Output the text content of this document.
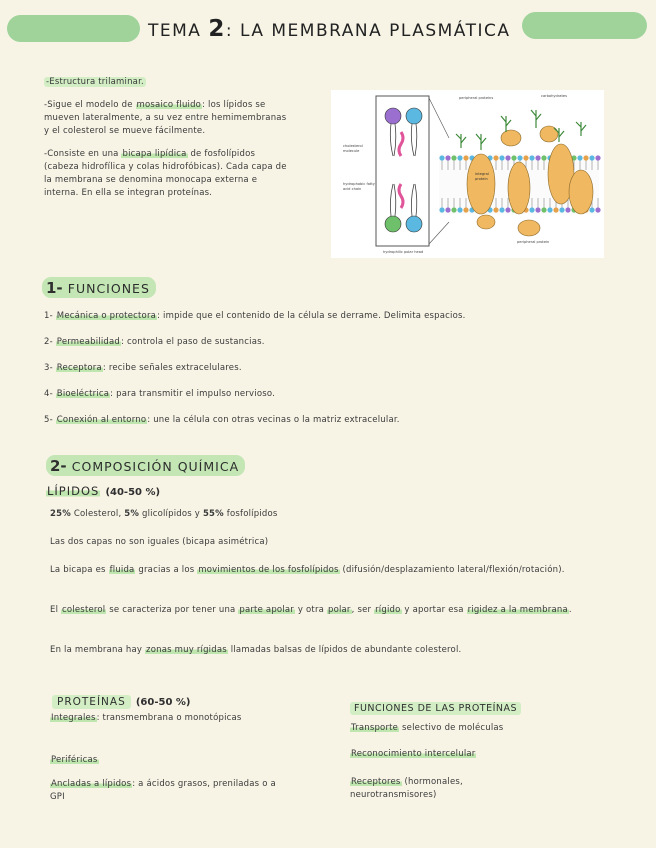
TEMA 2: LA MEMBRANA PLASMÁTICA
-Estructura trilaminar.
-Sigue el modelo de mosaico fluido: los lípidos se mueven lateralmente, a su vez entre hemimembranas y el colesterol se mueve fácilmente.
-Consiste en una bicapa lipídica de fosfolípidos (cabeza hidrofílica y colas hidrofóbicas). Cada capa de la membrana se denomina monocapa externa e interna. En ella se integran proteínas.
cholesterol molecule
hydrophobic fatty acid chain
peripheral proteins	carbohydrates
integral protein
hydrophilic polar head
peripheral protein
1- FUNCIONES
1- Mecánica o protectora: impide que el contenido de la célula se derrame. Delimita espacios.
2- Permeabilidad: controla el paso de sustancias.
3- Receptora: recibe señales extracelulares.
4- Bioeléctrica: para transmitir el impulso nervioso.
5- Conexión al entorno: une la célula con otras vecinas o la matriz extracelular.
2- COMPOSICIÓN QUÍMICA
LÍPIDOS (40-50 %)
25% Colesterol, 5% glicolípidos y 55% fosfolípidos
Las dos capas no son iguales (bicapa asimétrica)
La bicapa es fluida gracias a los movimientos de los fosfolípidos (difusión/desplazamiento lateral/flexión/rotación).
El colesterol se caracteriza por tener una parte apolar y otra polar, ser rígido y aportar esa rigidez a la membrana.
En la membrana hay zonas muy rígidas llamadas balsas de lípidos de abundante colesterol.
PROTEÍNAS (60-50 %)
Integrales: transmembrana o monotópicas
Periféricas
Ancladas a lípidos: a ácidos grasos, preniladas o a GPI
FUNCIONES DE LAS PROTEÍNAS
Transporte selectivo de moléculas
Reconocimiento intercelular
Receptores (hormonales, neurotransmisores)
